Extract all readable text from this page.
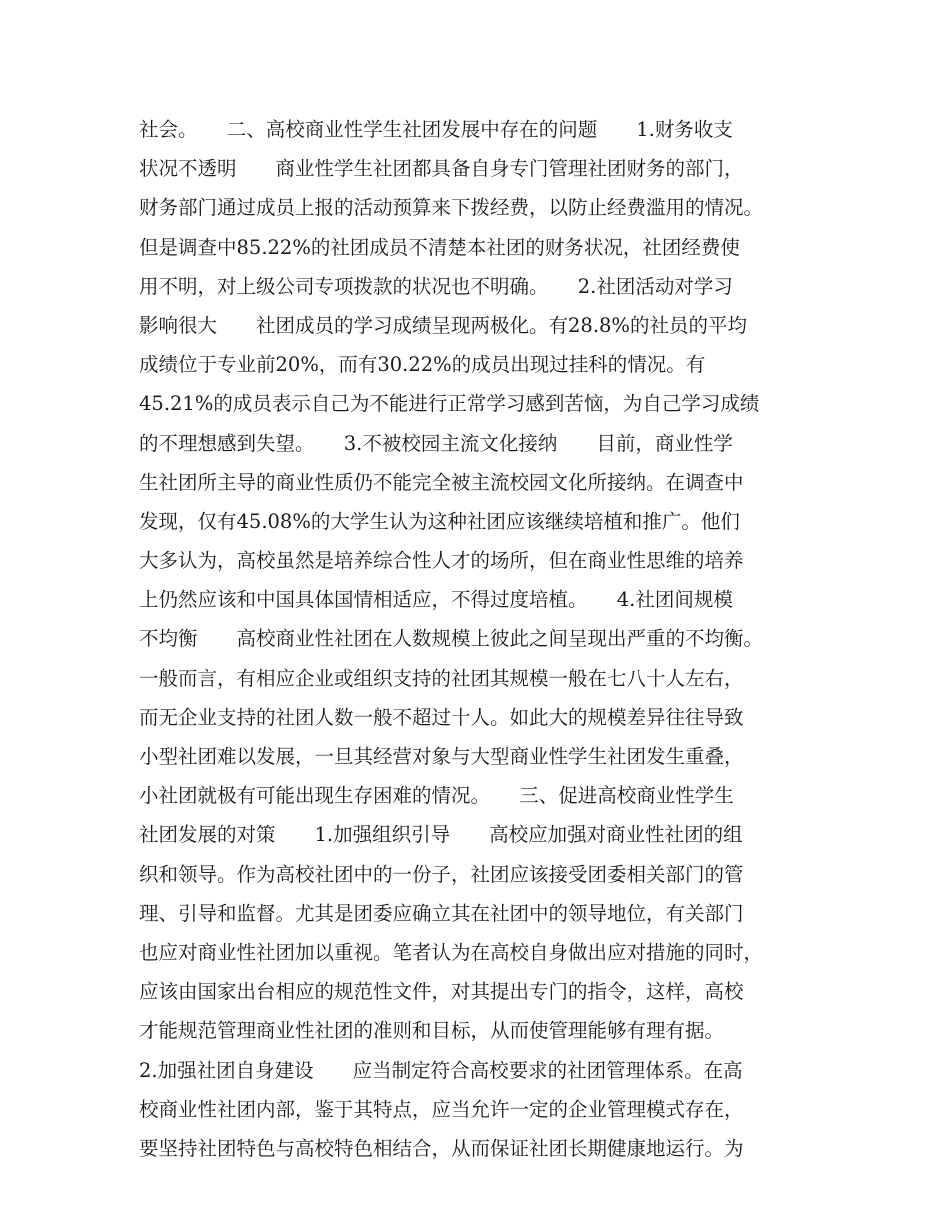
社会。　　二、高校商业性学生社团发展中存在的问题　　1.财务收支
状况不透明　　商业性学生社团都具备自身专门管理社团财务的部门，
财务部门通过成员上报的活动预算来下拨经费，以防止经费滥用的情况。
但是调查中85.22%的社团成员不清楚本社团的财务状况，社团经费使
用不明，对上级公司专项拨款的状况也不明确。　　2.社团活动对学习
影响很大　　社团成员的学习成绩呈现两极化。有28.8%的社员的平均
成绩位于专业前20%，而有30.22%的成员出现过挂科的情况。有
45.21%的成员表示自己为不能进行正常学习感到苦恼，为自己学习成绩
的不理想感到失望。　　3.不被校园主流文化接纳　　目前，商业性学
生社团所主导的商业性质仍不能完全被主流校园文化所接纳。在调查中
发现，仅有45.08%的大学生认为这种社团应该继续培植和推广。他们
大多认为，高校虽然是培养综合性人才的场所，但在商业性思维的培养
上仍然应该和中国具体国情相适应，不得过度培植。　　4.社团间规模
不均衡　　高校商业性社团在人数规模上彼此之间呈现出严重的不均衡。
一般而言，有相应企业或组织支持的社团其规模一般在七八十人左右，
而无企业支持的社团人数一般不超过十人。如此大的规模差异往往导致
小型社团难以发展，一旦其经营对象与大型商业性学生社团发生重叠，
小社团就极有可能出现生存困难的情况。　　三、促进高校商业性学生
社团发展的对策　　1.加强组织引导　　高校应加强对商业性社团的组
织和领导。作为高校社团中的一份子，社团应该接受团委相关部门的管
理、引导和监督。尤其是团委应确立其在社团中的领导地位，有关部门
也应对商业性社团加以重视。笔者认为在高校自身做出应对措施的同时，
应该由国家出台相应的规范性文件，对其提出专门的指令，这样，高校
才能规范管理商业性社团的准则和目标，从而使管理能够有理有据。
2.加强社团自身建设　　应当制定符合高校要求的社团管理体系。在高
校商业性社团内部，鉴于其特点，应当允许一定的企业管理模式存在，
要坚持社团特色与高校特色相结合，从而保证社团长期健康地运行。为
